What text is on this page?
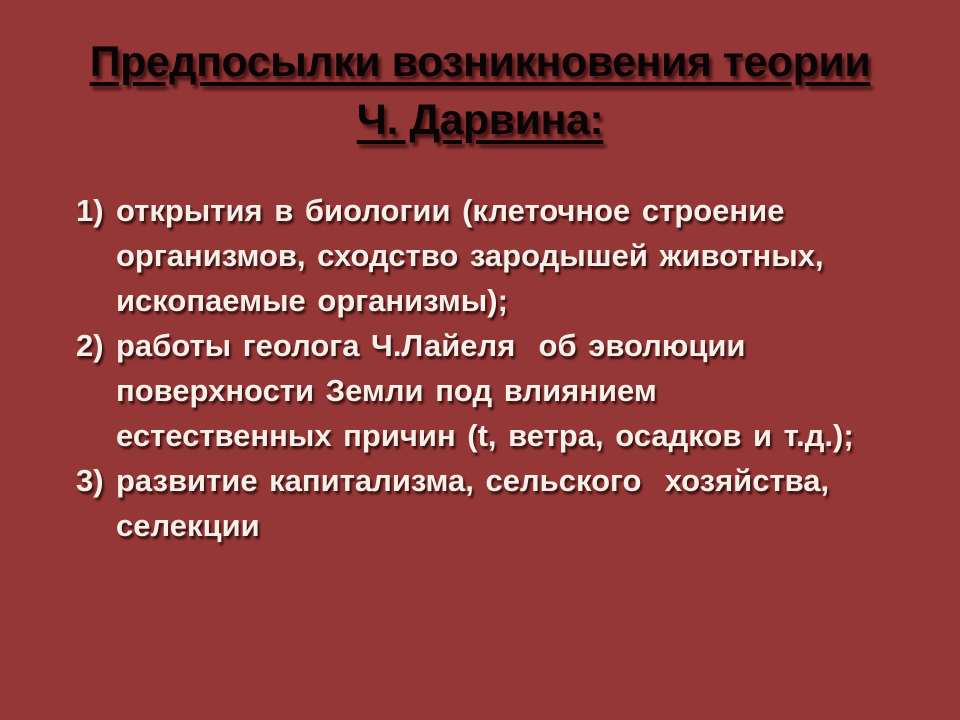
Предпосылки возникновения теории
Ч. Дарвина:
1) открытия в биологии (клеточное строение
организмов, сходство зародышей животных,
ископаемые организмы);
2) работы геолога Ч.Лайеля  об эволюции
поверхности Земли под влиянием
естественных причин (t, ветра, осадков и т.д.);
3) развитие капитализма, сельского  хозяйства,
селекции
